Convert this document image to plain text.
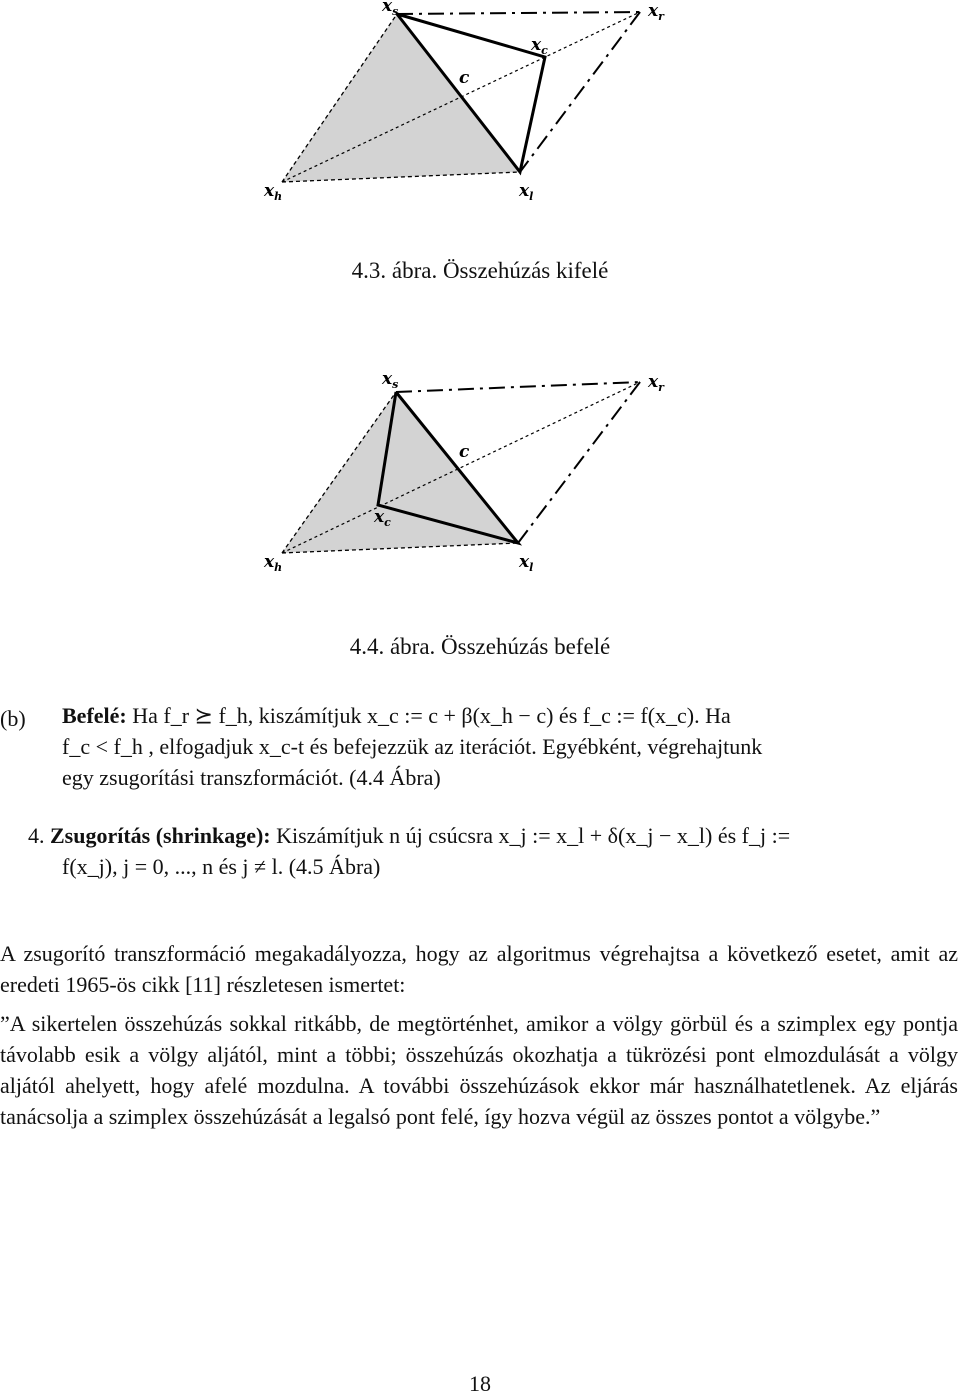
$x_s$	$x_r$
$x_c$
c
$x_h$	$x_l$
4.3. ábra. Összehúzás kifelé
$x_s$	$x_r$
$x_c$
c
$x_h$	$x_l$
4.4. ábra. Összehúzás befelé
(b) Befelé: Ha f_r ⪰ f_h, kiszámítjuk x_c := c + β(x_h − c) és f_c := f(x_c). Ha
f_c < f_h , elfogadjuk x_c-t és befejezzük az iterációt. Egyébként, végrehajtunk
egy zsugorítási transzformációt. (4.4 Ábra)
4. Zsugorítás (shrinkage): Kiszámítjuk n új csúcsra x_j := x_l + δ(x_j − x_l) és f_j :=
f(x_j), j = 0, ..., n és j ≠ l. (4.5 Ábra)
A zsugorító transzformáció megakadályozza, hogy az algoritmus végrehajtsa a következő esetet, amit az eredeti 1965-ös cikk [11] részletesen ismertet:
”A sikertelen összehúzás sokkal ritkább, de megtörténhet, amikor a völgy görbül és a szimplex egy pontja távolabb esik a völgy aljától, mint a többi; összehúzás okozhatja a tükrözési pont elmozdulását a völgy aljától ahelyett, hogy afelé mozdulna. A további összehúzások ekkor már használhatetlenek. Az eljárás tanácsolja a szimplex összehúzását a legalsó pont felé, így hozva végül az összes pontot a völgybe.”
18
